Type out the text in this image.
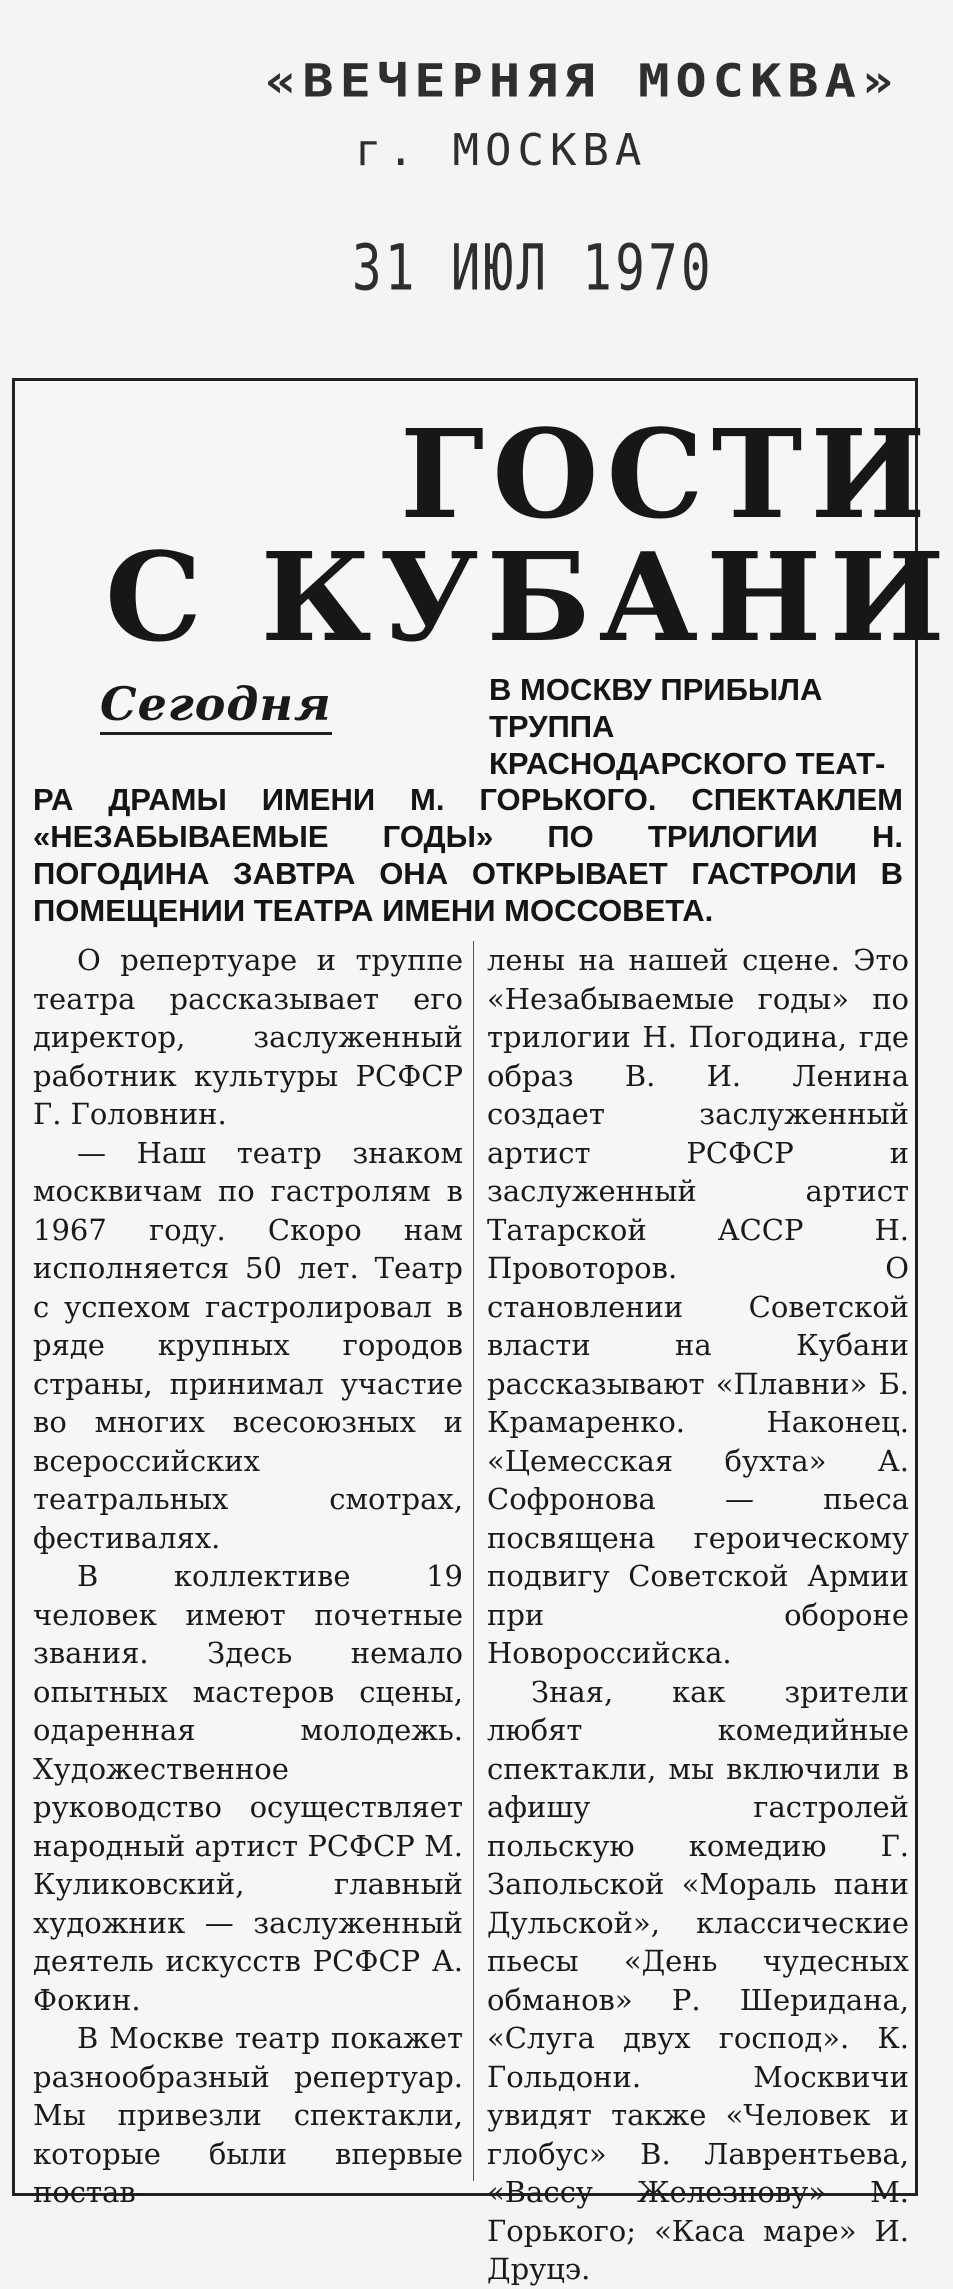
«ВЕЧЕРНЯЯ МОСКВА»
г. МОСКВА
31 ИЮЛ 1970
ГОСТИ
С КУБАНИ
Сегодня	В МОСКВУ ПРИБЫЛА ТРУППА КРАСНОДАРСКОГО ТЕАТ-

РА ДРАМЫ ИМЕНИ М. ГОРЬКОГО. СПЕКТАКЛЕМ «НЕЗАБЫВАЕМЫЕ ГОДЫ» ПО ТРИЛОГИИ Н. ПОГОДИНА ЗАВТРА ОНА ОТКРЫВАЕТ ГАСТРОЛИ В ПОМЕЩЕНИИ ТЕАТРА ИМЕНИ МОССОВЕТА.

О репертуаре и труппе театра рассказывает его директор, заслуженный работник культуры РСФСР Г. Головнин.

— Наш театр знаком москвичам по гастролям в 1967 году. Скоро нам исполняется 50 лет. Театр с успехом гастролировал в ряде крупных городов страны, принимал участие во многих всесоюзных и всероссийских театральных смотрах, фестивалях.

В коллективе 19 человек имеют почетные звания. Здесь немало опытных мастеров сцены, одаренная молодежь. Художественное руководство осуществляет народный артист РСФСР М. Куликовский, главный художник — заслуженный деятель искусств РСФСР А. Фокин.

В Москве театр покажет разнообразный репертуар. Мы привезли спектакли, которые были впервые постав-

лены на нашей сцене. Это «Незабываемые годы» по трилогии Н. Погодина, где образ В. И. Ленина создает заслуженный артист РСФСР и заслуженный артист Татарской АССР Н. Провоторов. О становлении Советской власти на Кубани рассказывают «Плавни» Б. Крамаренко. Наконец. «Цемесская бухта» А. Софронова — пьеса посвящена героическому подвигу Советской Армии при обороне Новороссийска.

Зная, как зрители любят комедийные спектакли, мы включили в афишу гастролей польскую комедию Г. Запольской «Мораль пани Дульской», классические пьесы «День чудесных обманов» Р. Шеридана, «Слуга двух господ». К. Гольдони. Москвичи увидят также «Человек и глобус» В. Лаврентьева, «Вассу Железнову» М. Горького; «Каса маре» И. Друцэ.
